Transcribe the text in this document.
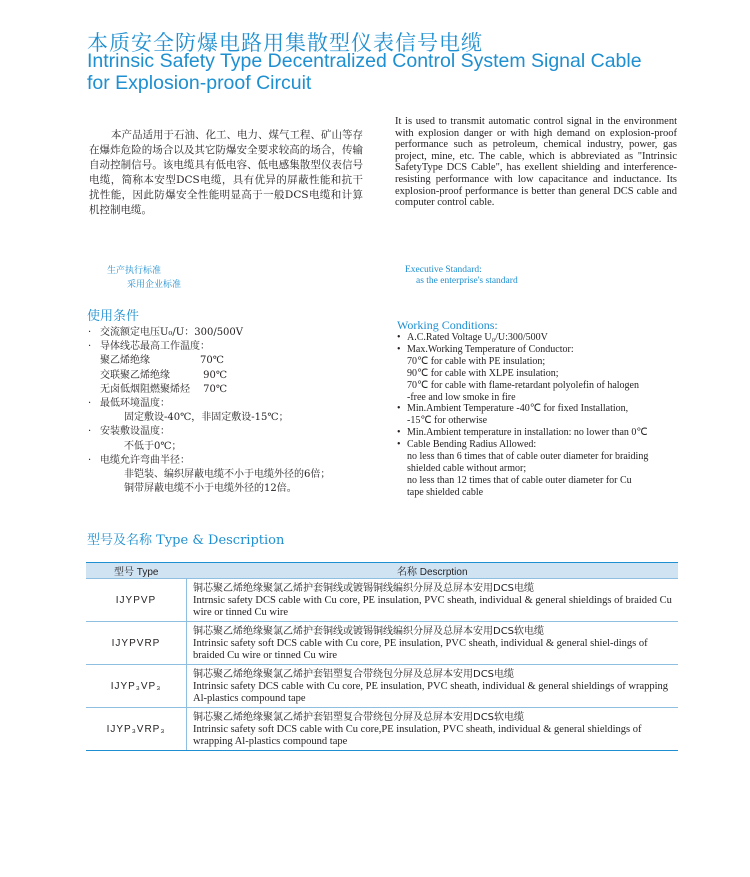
本质安全防爆电路用集散型仪表信号电缆
Intrinsic Safety Type Decentralized Control System Signal Cable
for Explosion-proof Circuit
本产品适用于石油、化工、电力、煤气工程、矿山等存在爆炸危险的场合以及其它防爆安全要求较高的场合，传输自动控制信号。该电缆具有低电容、低电感集散型仪表信号电缆，简称本安型DCS电缆，具有优异的屏蔽性能和抗干扰性能，因此防爆安全性能明显高于一般DCS电缆和计算机控制电缆。
It is used to transmit automatic control signal in the environment with explosion danger or with high demand on explosion-proof performance such as petroleum, chemical industry, power, gas project, mine, etc. The cable, which is abbreviated as "Intrinsic SafetyType DCS Cable", has exellent shielding and interference-resisting performance with low capacitance and inductance. Its explosion-proof performance is better than general DCS cable and computer control cable.
生产执行标准
采用企业标准
Executive Standard:
as the enterprise's standard
使用条件
· 交流额定电压U₀/U：300/500V
· 导体线芯最高工作温度：
聚乙烯绝缘　　　　　70℃
交联聚乙烯绝缘　　　 90℃
无卤低烟阻燃聚烯烃　 70℃
· 最低环境温度：
固定敷设-40℃，非固定敷设-15℃；
· 安装敷设温度：
不低于0℃；
· 电缆允许弯曲半径：
非铠装、编织屏蔽电缆不小于电缆外径的6倍；
铜带屏蔽电缆不小于电缆外径的12倍。
Working Conditions:
• A.C.Rated Voltage U₀/U:300/500V
• Max.Working Temperature of Conductor:
70℃ for cable with PE insulation;
90℃ for cable with XLPE insulation;
70℃ for cable with flame-retardant polyolefin of halogen
-free and low smoke in fire
• Min.Ambient Temperature -40℃ for fixed Installation,
-15℃ for otherwise
• Min.Ambient temperature in installation: no lower than 0℃
• Cable Bending Radius Allowed:
no less than 6 times that of cable outer diameter for braiding
shielded cable without armor;
no less than 12 times that of cable outer diameter for Cu
tape shielded cable
型号及名称 Type & Description
型号 Type	名称 Descrption
IJYPVP	铜芯聚乙烯绝缘聚氯乙烯护套铜线或镀锡铜线编织分屏及总屏本安用DCS电缆
Intrnsic safety DCS cable with Cu core, PE insulation, PVC sheath, individual & general shieldings of braided Cu wire or tinned Cu wire

IJYPVRP	铜芯聚乙烯绝缘聚氯乙烯护套铜线或镀锡铜线编织分屏及总屏本安用DCS软电缆
Intrinsic safety soft DCS cable with Cu core, PE insulation, PVC sheath, individual & general shiel-dings of braided Cu wire or tinned Cu wire

IJYP₃VP₃	铜芯聚乙烯绝缘聚氯乙烯护套铝塑复合带绕包分屏及总屏本安用DCS电缆
Intrinsic safety DCS cable with Cu core, PE insulation, PVC sheath, individual & general shieldings of wrapping Al-plastics compound tape

IJYP₃VRP₃	铜芯聚乙烯绝缘聚氯乙烯护套铝塑复合带绕包分屏及总屏本安用DCS软电缆
Intrinsic safety soft DCS cable with Cu core,PE insulation, PVC sheath, individual & general shieldings of wrapping Al-plastics compound tape
